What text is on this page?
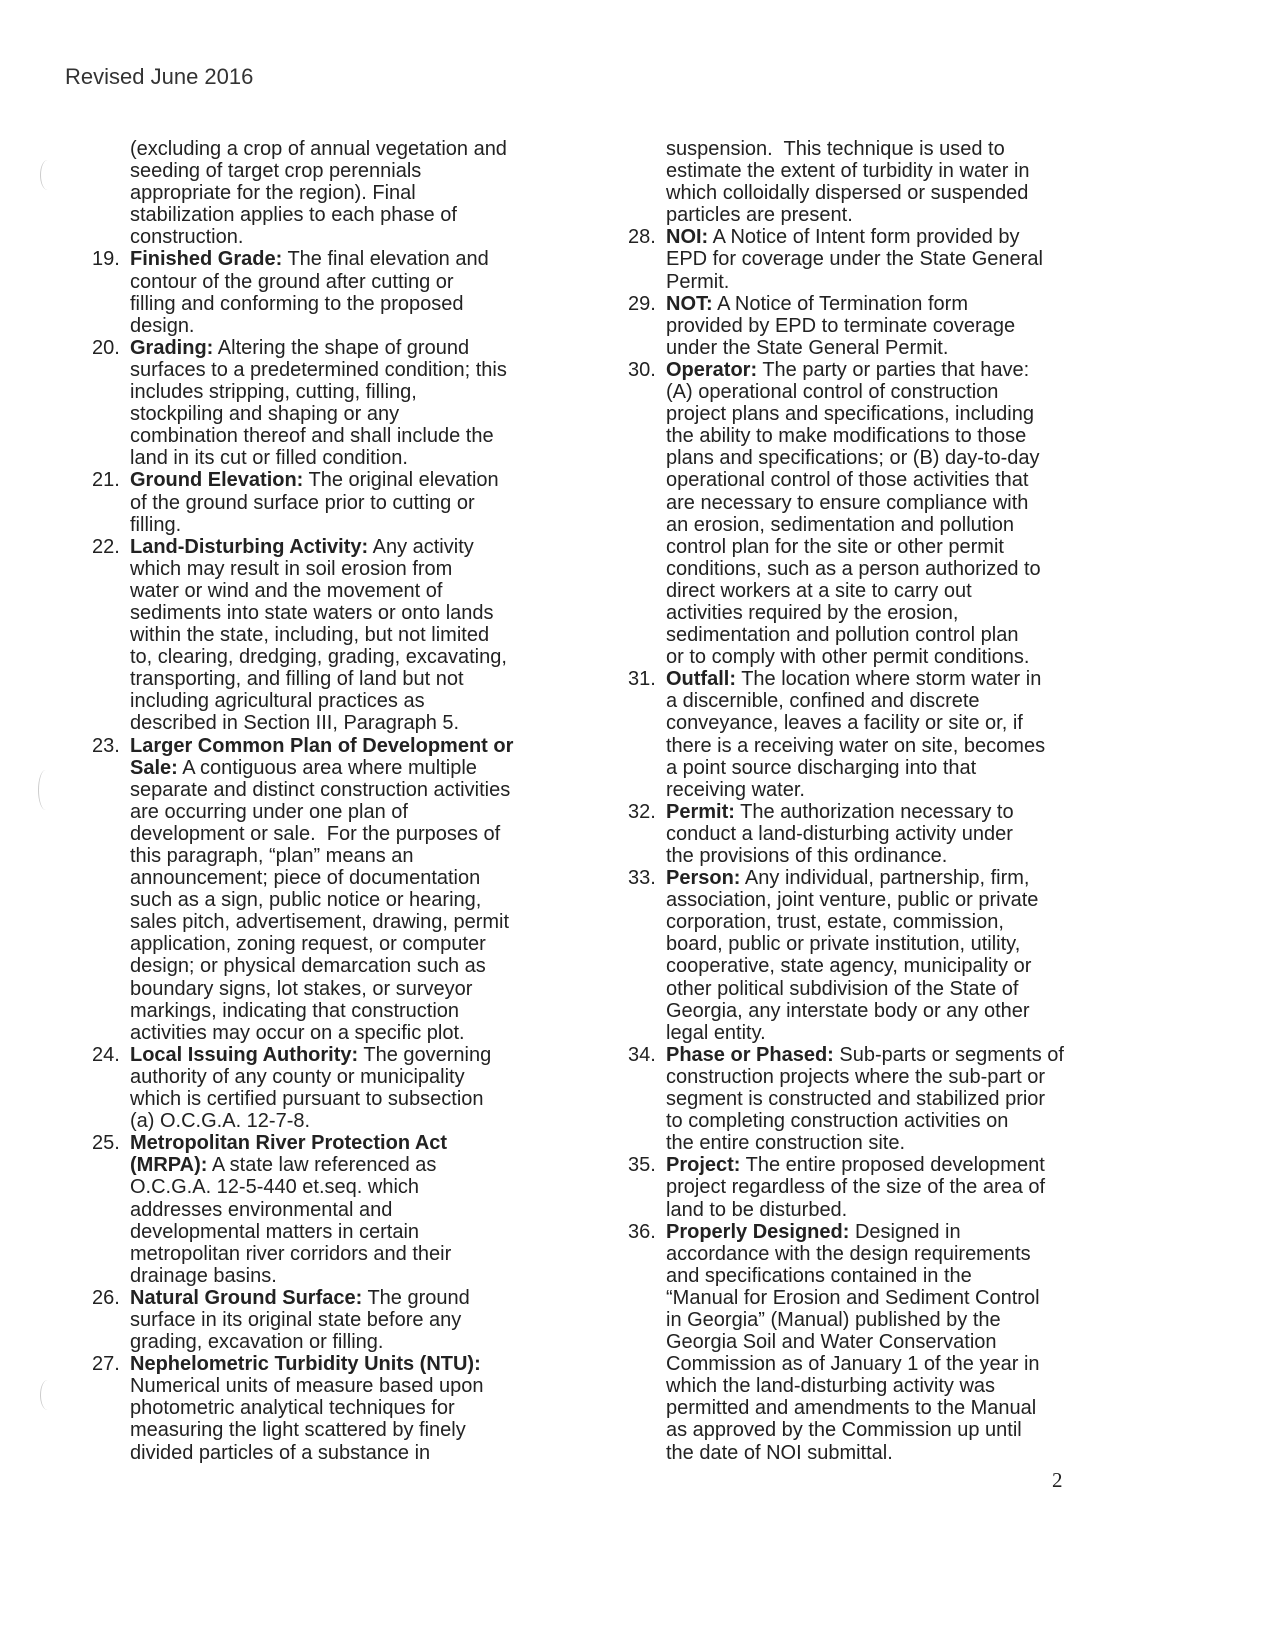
Revised June 2016
(excluding a crop of annual vegetation and
seeding of target crop perennials
appropriate for the region). Final
stabilization applies to each phase of
construction.
19. Finished Grade: The final elevation and
contour of the ground after cutting or
filling and conforming to the proposed
design.
20. Grading: Altering the shape of ground
surfaces to a predetermined condition; this
includes stripping, cutting, filling,
stockpiling and shaping or any
combination thereof and shall include the
land in its cut or filled condition.
21. Ground Elevation: The original elevation
of the ground surface prior to cutting or
filling.
22. Land-Disturbing Activity: Any activity
which may result in soil erosion from
water or wind and the movement of
sediments into state waters or onto lands
within the state, including, but not limited
to, clearing, dredging, grading, excavating,
transporting, and filling of land but not
including agricultural practices as
described in Section III, Paragraph 5.
23. Larger Common Plan of Development or
Sale: A contiguous area where multiple
separate and distinct construction activities
are occurring under one plan of
development or sale.  For the purposes of
this paragraph, “plan” means an
announcement; piece of documentation
such as a sign, public notice or hearing,
sales pitch, advertisement, drawing, permit
application, zoning request, or computer
design; or physical demarcation such as
boundary signs, lot stakes, or surveyor
markings, indicating that construction
activities may occur on a specific plot.
24. Local Issuing Authority: The governing
authority of any county or municipality
which is certified pursuant to subsection
(a) O.C.G.A. 12-7-8.
25. Metropolitan River Protection Act
(MRPA): A state law referenced as
O.C.G.A. 12-5-440 et.seq. which
addresses environmental and
developmental matters in certain
metropolitan river corridors and their
drainage basins.
26. Natural Ground Surface: The ground
surface in its original state before any
grading, excavation or filling.
27. Nephelometric Turbidity Units (NTU):
Numerical units of measure based upon
photometric analytical techniques for
measuring the light scattered by finely
divided particles of a substance in
suspension.  This technique is used to
estimate the extent of turbidity in water in
which colloidally dispersed or suspended
particles are present.
28. NOI: A Notice of Intent form provided by
EPD for coverage under the State General
Permit.
29. NOT: A Notice of Termination form
provided by EPD to terminate coverage
under the State General Permit.
30. Operator: The party or parties that have:
(A) operational control of construction
project plans and specifications, including
the ability to make modifications to those
plans and specifications; or (B) day-to-day
operational control of those activities that
are necessary to ensure compliance with
an erosion, sedimentation and pollution
control plan for the site or other permit
conditions, such as a person authorized to
direct workers at a site to carry out
activities required by the erosion,
sedimentation and pollution control plan
or to comply with other permit conditions.
31. Outfall: The location where storm water in
a discernible, confined and discrete
conveyance, leaves a facility or site or, if
there is a receiving water on site, becomes
a point source discharging into that
receiving water.
32. Permit: The authorization necessary to
conduct a land-disturbing activity under
the provisions of this ordinance.
33. Person: Any individual, partnership, firm,
association, joint venture, public or private
corporation, trust, estate, commission,
board, public or private institution, utility,
cooperative, state agency, municipality or
other political subdivision of the State of
Georgia, any interstate body or any other
legal entity.
34. Phase or Phased: Sub-parts or segments of
construction projects where the sub-part or
segment is constructed and stabilized prior
to completing construction activities on
the entire construction site.
35. Project: The entire proposed development
project regardless of the size of the area of
land to be disturbed.
36. Properly Designed: Designed in
accordance with the design requirements
and specifications contained in the
“Manual for Erosion and Sediment Control
in Georgia” (Manual) published by the
Georgia Soil and Water Conservation
Commission as of January 1 of the year in
which the land-disturbing activity was
permitted and amendments to the Manual
as approved by the Commission up until
the date of NOI submittal.
2
